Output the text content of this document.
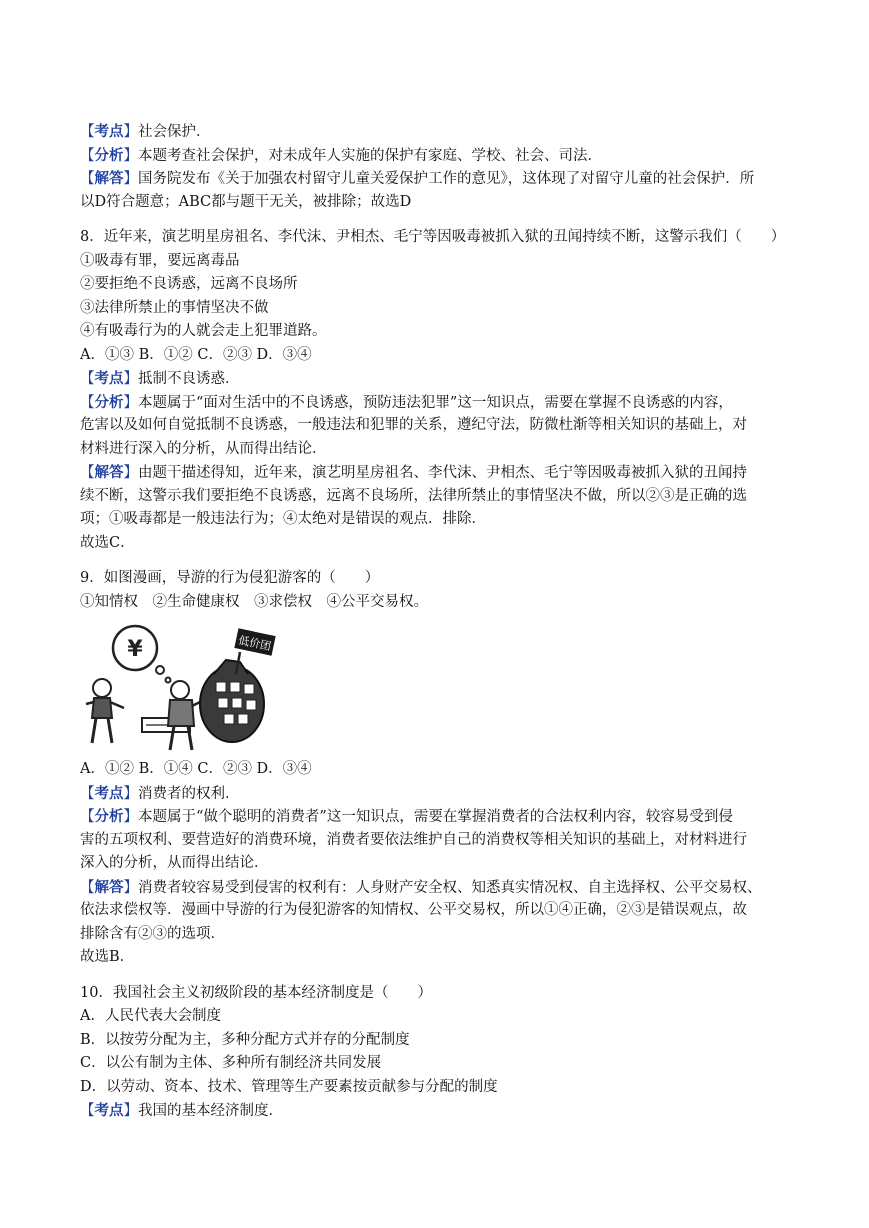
【考点】社会保护．
【分析】本题考查社会保护，对未成年人实施的保护有家庭、学校、社会、司法．
【解答】国务院发布《关于加强农村留守儿童关爱保护工作的意见》，这体现了对留守儿童的社会保护．所
以D符合题意；ABC都与题干无关，被排除；故选D
8．近年来，演艺明星房祖名、李代沫、尹相杰、毛宁等因吸毒被抓入狱的丑闻持续不断，这警示我们（　　）
①吸毒有罪，要远离毒品
②要拒绝不良诱惑，远离不良场所
③法律所禁止的事情坚决不做
④有吸毒行为的人就会走上犯罪道路。
A．①③ B．①② C．②③ D．③④
【考点】抵制不良诱惑．
【分析】本题属于“面对生活中的不良诱惑，预防违法犯罪”这一知识点，需要在掌握不良诱惑的内容，
危害以及如何自觉抵制不良诱惑，一般违法和犯罪的关系，遵纪守法，防微杜渐等相关知识的基础上，对
材料进行深入的分析，从而得出结论．
【解答】由题干描述得知，近年来，演艺明星房祖名、李代沫、尹相杰、毛宁等因吸毒被抓入狱的丑闻持
续不断，这警示我们要拒绝不良诱惑，远离不良场所，法律所禁止的事情坚决不做，所以②③是正确的选
项；①吸毒都是一般违法行为；④太绝对是错误的观点．排除．
故选C．
9．如图漫画，导游的行为侵犯游客的（　　）
①知情权　②生命健康权　③求偿权　④公平交易权。
¥	低价团
A．①② B．①④ C．②③ D．③④
【考点】消费者的权利．
【分析】本题属于“做个聪明的消费者”这一知识点，需要在掌握消费者的合法权利内容，较容易受到侵
害的五项权利、要营造好的消费环境，消费者要依法维护自己的消费权等相关知识的基础上，对材料进行
深入的分析，从而得出结论．
【解答】消费者较容易受到侵害的权利有：人身财产安全权、知悉真实情况权、自主选择权、公平交易权、
依法求偿权等．漫画中导游的行为侵犯游客的知情权、公平交易权，所以①④正确，②③是错误观点，故
排除含有②③的选项．
故选B．
10．我国社会主义初级阶段的基本经济制度是（　　）
A．人民代表大会制度
B．以按劳分配为主，多种分配方式并存的分配制度
C．以公有制为主体、多种所有制经济共同发展
D．以劳动、资本、技术、管理等生产要素按贡献参与分配的制度
【考点】我国的基本经济制度．
